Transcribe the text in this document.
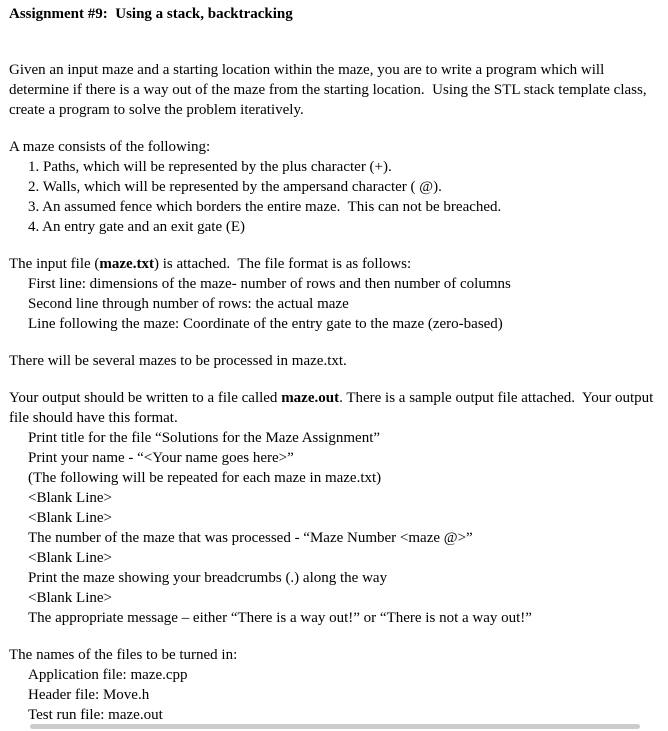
Assignment #9:  Using a stack, backtracking

Given an input maze and a starting location within the maze, you are to write a program which will determine if there is a way out of the maze from the starting location.  Using the STL stack template class, create a program to solve the problem iteratively.

A maze consists of the following:

1. Paths, which will be represented by the plus character (+).
2. Walls, which will be represented by the ampersand character ( @).
3. An assumed fence which borders the entire maze.  This can not be breached.
4. An entry gate and an exit gate (E)

The input file (maze.txt) is attached.  The file format is as follows:

First line: dimensions of the maze- number of rows and then number of columns
Second line through number of rows: the actual maze
Line following the maze: Coordinate of the entry gate to the maze (zero-based)

There will be several mazes to be processed in maze.txt.

Your output should be written to a file called maze.out. There is a sample output file attached.  Your output file should have this format.

Print title for the file “Solutions for the Maze Assignment”
Print your name - “<Your name goes here>”
(The following will be repeated for each maze in maze.txt)
<Blank Line>
<Blank Line>
The number of the maze that was processed - “Maze Number <maze @>”
<Blank Line>
Print the maze showing your breadcrumbs (.) along the way
<Blank Line>
The appropriate message – either “There is a way out!” or “There is not a way out!”

The names of the files to be turned in:

Application file: maze.cpp
Header file: Move.h
Test run file: maze.out
